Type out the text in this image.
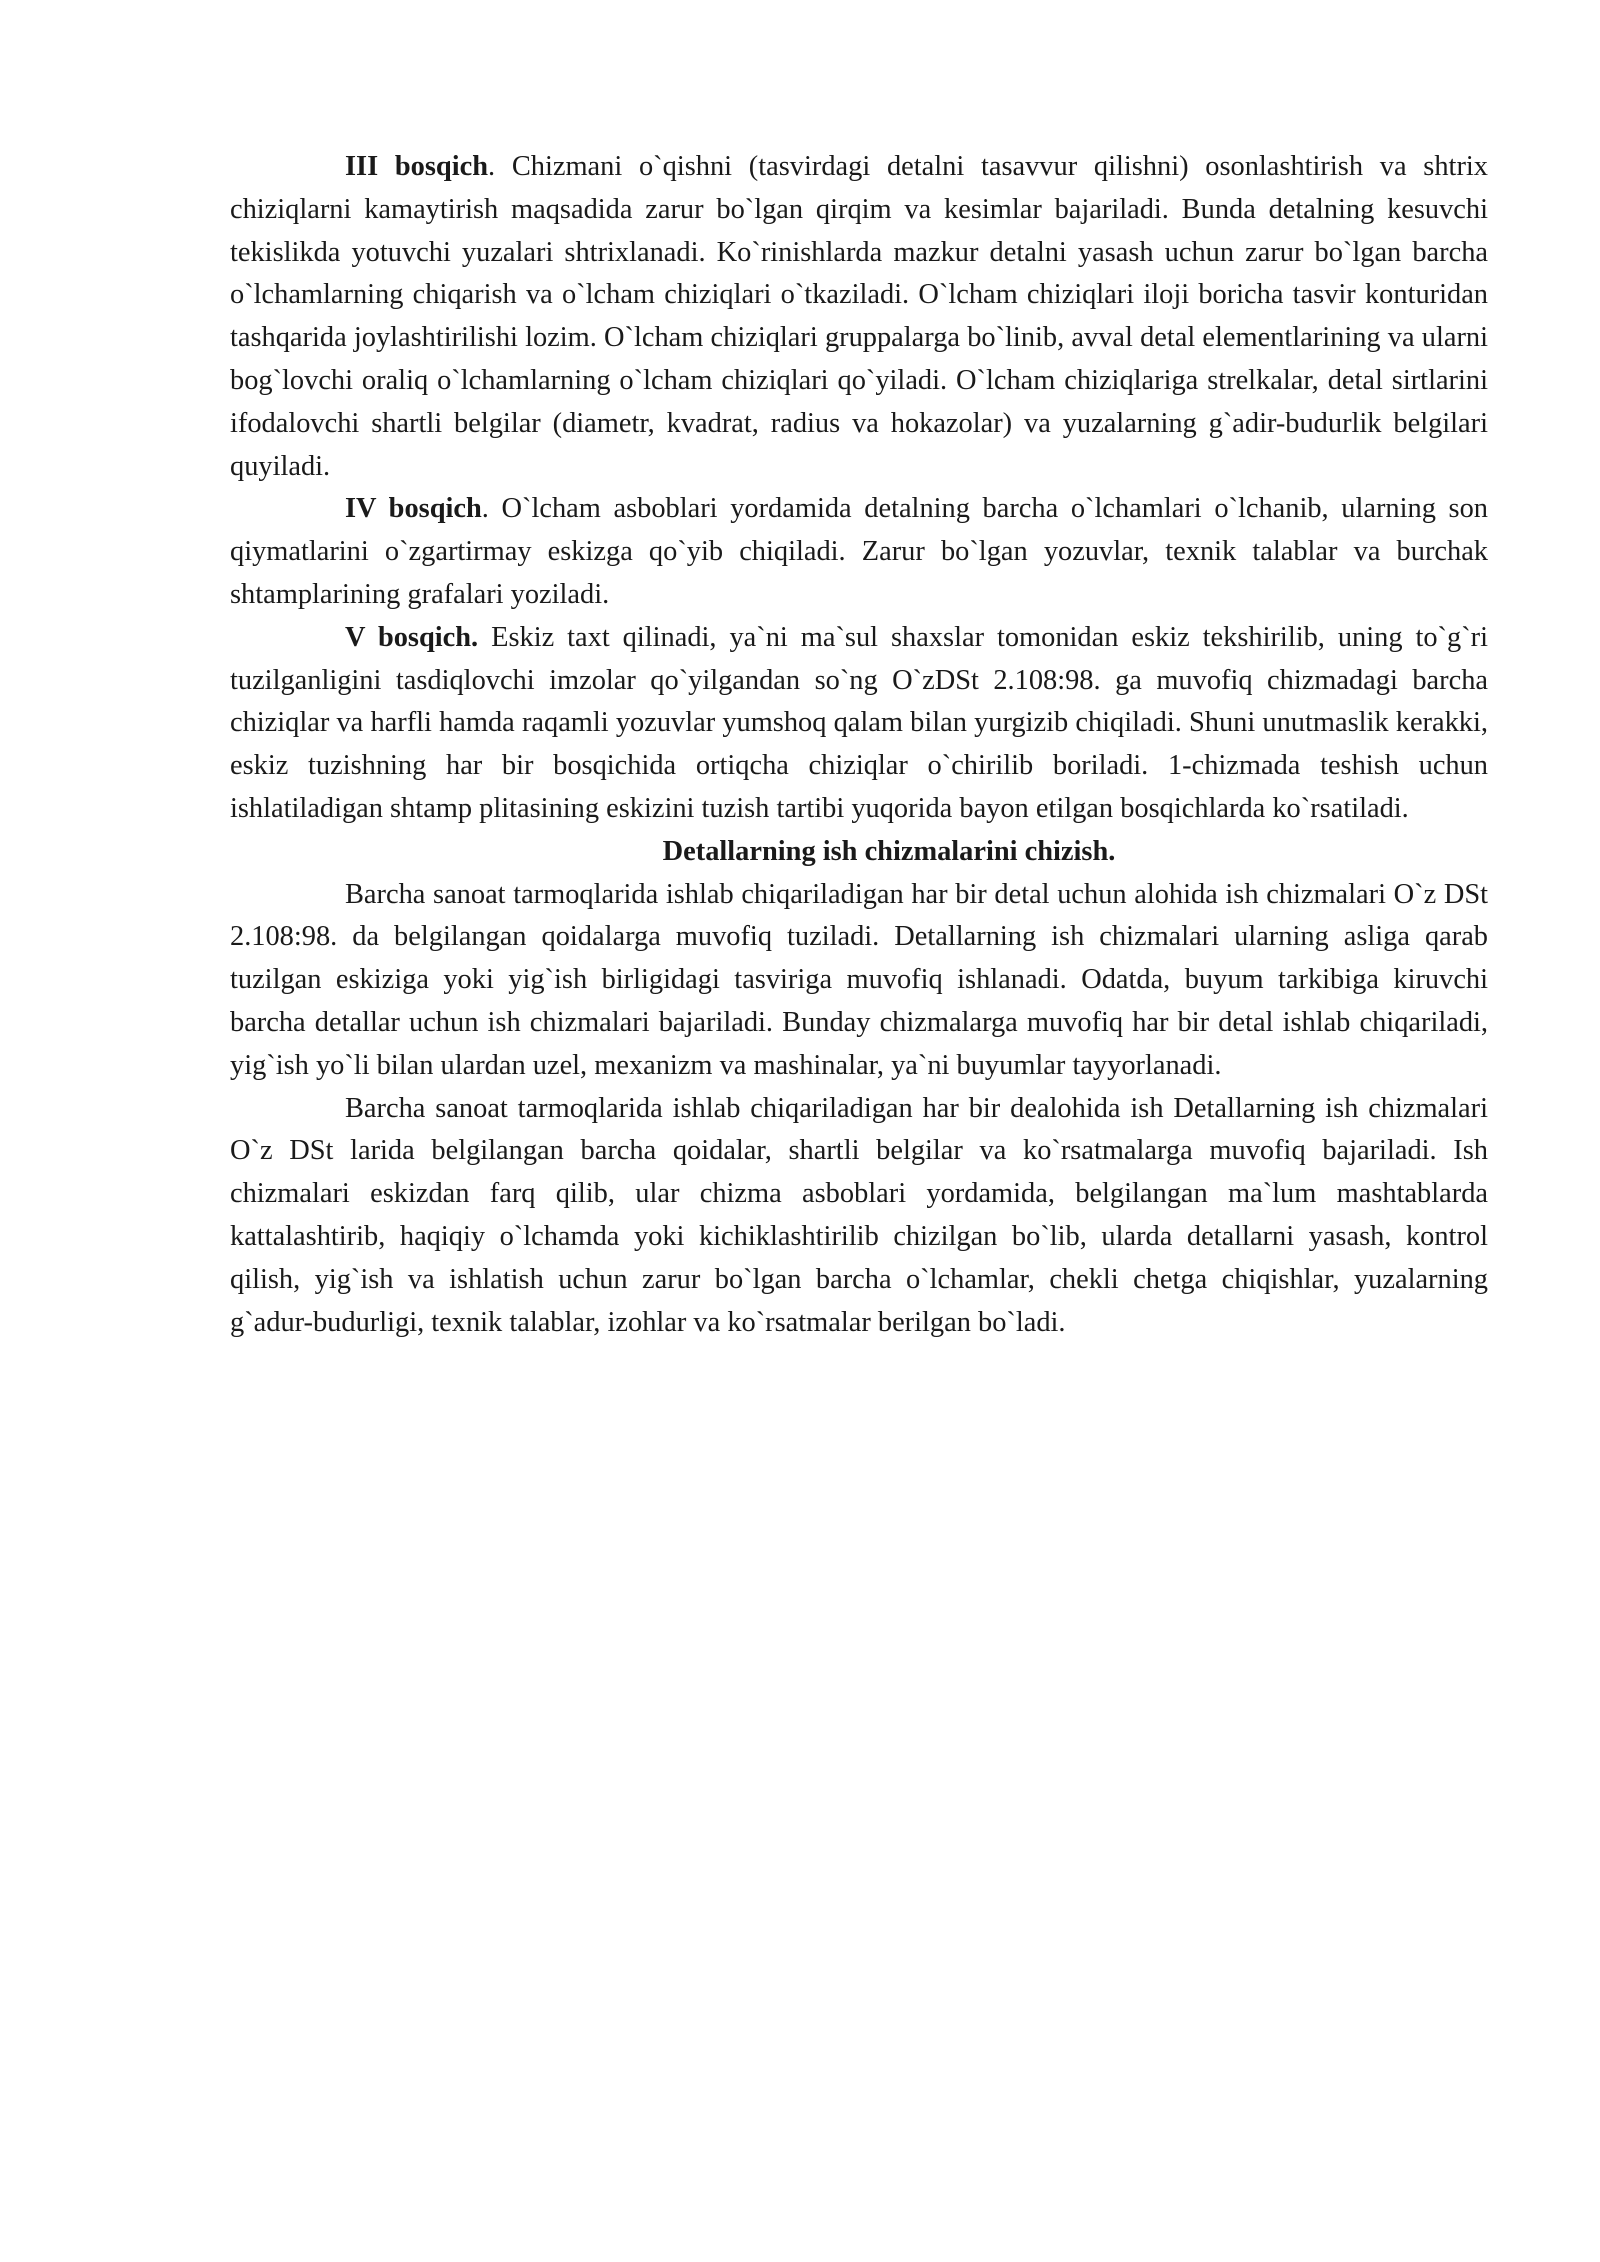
III bosqich. Chizmani o`qishni (tasvirdagi detalni tasavvur qilishni) osonlashtirish va shtrix chiziqlarni kamaytirish maqsadida zarur bo`lgan qirqim va kesimlar bajariladi. Bunda detalning kesuvchi tekislikda yotuvchi yuzalari shtrixlanadi. Ko`rinishlarda mazkur detalni yasash uchun zarur bo`lgan barcha o`lchamlarning chiqarish va o`lcham chiziqlari o`tkaziladi. O`lcham chiziqlari iloji boricha tasvir konturidan tashqarida joylashtirilishi lozim. O`lcham chiziqlari gruppalarga bo`linib, avval detal elementlarining va ularni bog`lovchi oraliq o`lchamlarning o`lcham chiziqlari qo`yiladi. O`lcham chiziqlariga strelkalar, detal sirtlarini ifodalovchi shartli belgilar (diametr, kvadrat, radius va hokazolar) va yuzalarning g`adir-budurlik belgilari quyiladi.

IV bosqich. O`lcham asboblari yordamida detalning barcha o`lchamlari o`lchanib, ularning son qiymatlarini o`zgartirmay eskizga qo`yib chiqiladi. Zarur bo`lgan yozuvlar, texnik talablar va burchak shtamplarining grafalari yoziladi.

V bosqich. Eskiz taxt qilinadi, ya`ni ma`sul shaxslar tomonidan eskiz tekshirilib, uning to`g`ri tuzilganligini tasdiqlovchi imzolar qo`yilgandan so`ng O`zDSt 2.108:98. ga muvofiq chizmadagi barcha chiziqlar va harfli hamda raqamli yozuvlar yumshoq qalam bilan yurgizib chiqiladi. Shuni unutmaslik kerakki, eskiz tuzishning har bir bosqichida ortiqcha chiziqlar o`chirilib boriladi. 1-chizmada teshish uchun ishlatiladigan shtamp plitasining eskizini tuzish tartibi yuqorida bayon etilgan bosqichlarda ko`rsatiladi.

Detallarning ish chizmalarini chizish.

Barcha sanoat tarmoqlarida ishlab chiqariladigan har bir detal uchun alohida ish chizmalari O`z DSt 2.108:98. da belgilangan qoidalarga muvofiq tuziladi. Detallarning ish chizmalari ularning asliga qarab tuzilgan eskiziga yoki yig`ish birligidagi tasviriga muvofiq ishlanadi. Odatda, buyum tarkibiga kiruvchi barcha detallar uchun ish chizmalari bajariladi. Bunday chizmalarga muvofiq har bir detal ishlab chiqariladi, yig`ish yo`li bilan ulardan uzel, mexanizm va mashinalar, ya`ni buyumlar tayyorlanadi.

Barcha sanoat tarmoqlarida ishlab chiqariladigan har bir dealohida ish Detallarning ish chizmalari O`z DSt larida belgilangan barcha qoidalar, shartli belgilar va ko`rsatmalarga muvofiq bajariladi. Ish chizmalari eskizdan farq qilib, ular chizma asboblari yordamida, belgilangan ma`lum mashtablarda kattalashtirib, haqiqiy o`lchamda yoki kichiklashtirilib chizilgan bo`lib, ularda detallarni yasash, kontrol qilish, yig`ish va ishlatish uchun zarur bo`lgan barcha o`lchamlar, chekli chetga chiqishlar, yuzalarning g`adur-budurligi, texnik talablar, izohlar va ko`rsatmalar berilgan bo`ladi.
